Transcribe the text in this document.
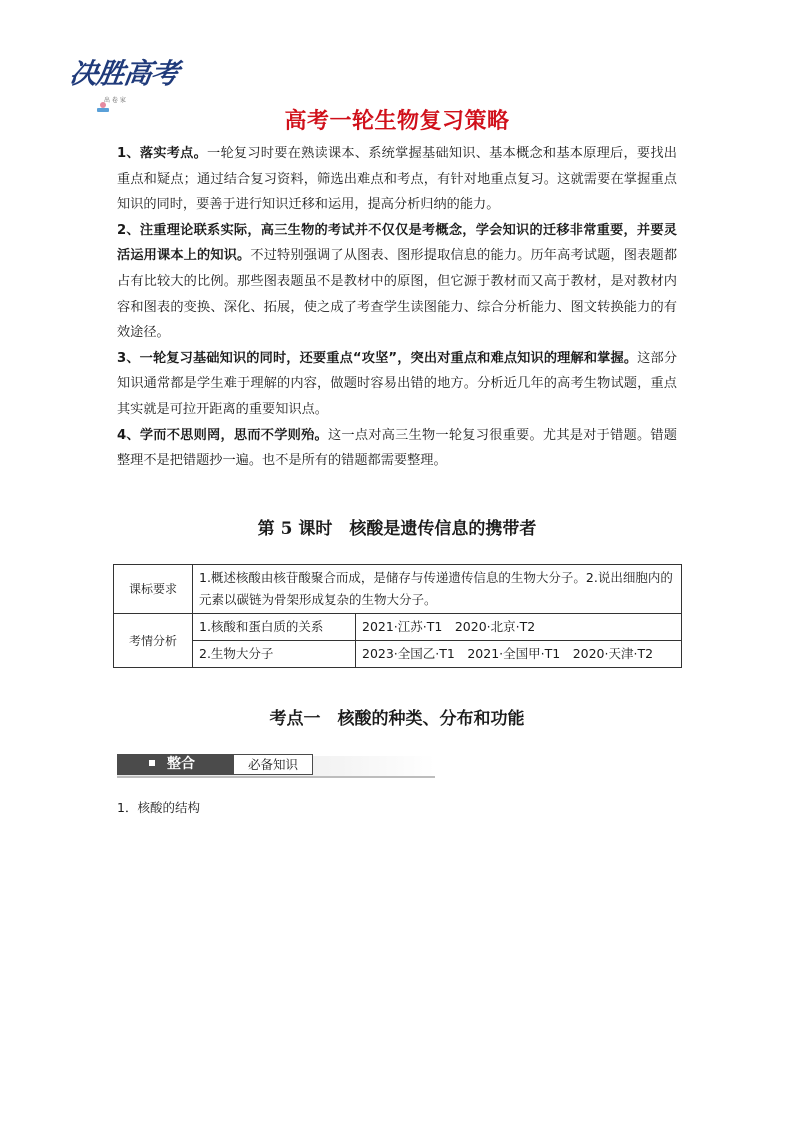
决胜高考
出 卷 家
高考一轮生物复习策略

1、落实考点。一轮复习时要在熟读课本、系统掌握基础知识、基本概念和基本原理后，要找出重点和疑点；通过结合复习资料，筛选出难点和考点，有针对地重点复习。这就需要在掌握重点知识的同时，要善于进行知识迁移和运用，提高分析归纳的能力。

2、注重理论联系实际，高三生物的考试并不仅仅是考概念，学会知识的迁移非常重要，并要灵活运用课本上的知识。不过特别强调了从图表、图形提取信息的能力。历年高考试题，图表题都占有比较大的比例。那些图表题虽不是教材中的原图，但它源于教材而又高于教材，是对教材内容和图表的变换、深化、拓展，使之成了考查学生读图能力、综合分析能力、图文转换能力的有效途径。

3、一轮复习基础知识的同时，还要重点“攻坚”，突出对重点和难点知识的理解和掌握。这部分知识通常都是学生难于理解的内容，做题时容易出错的地方。分析近几年的高考生物试题，重点其实就是可拉开距离的重要知识点。

4、学而不思则罔，思而不学则殆。这一点对高三生物一轮复习很重要。尤其是对于错题。错题整理不是把错题抄一遍。也不是所有的错题都需要整理。

第 5 课时　核酸是遗传信息的携带者
课标要求	1.概述核酸由核苷酸聚合而成，是储存与传递遗传信息的生物大分子。2.说出细胞内的元素以碳链为骨架形成复杂的生物大分子。	
考情分析	1.核酸和蛋白质的关系	2021·江苏·T1　2020·北京·T2
	2.生物大分子	2023·全国乙·T1　2021·全国甲·T1　2020·天津·T2
考点一　核酸的种类、分布和功能
整合	必备知识
1．核酸的结构
